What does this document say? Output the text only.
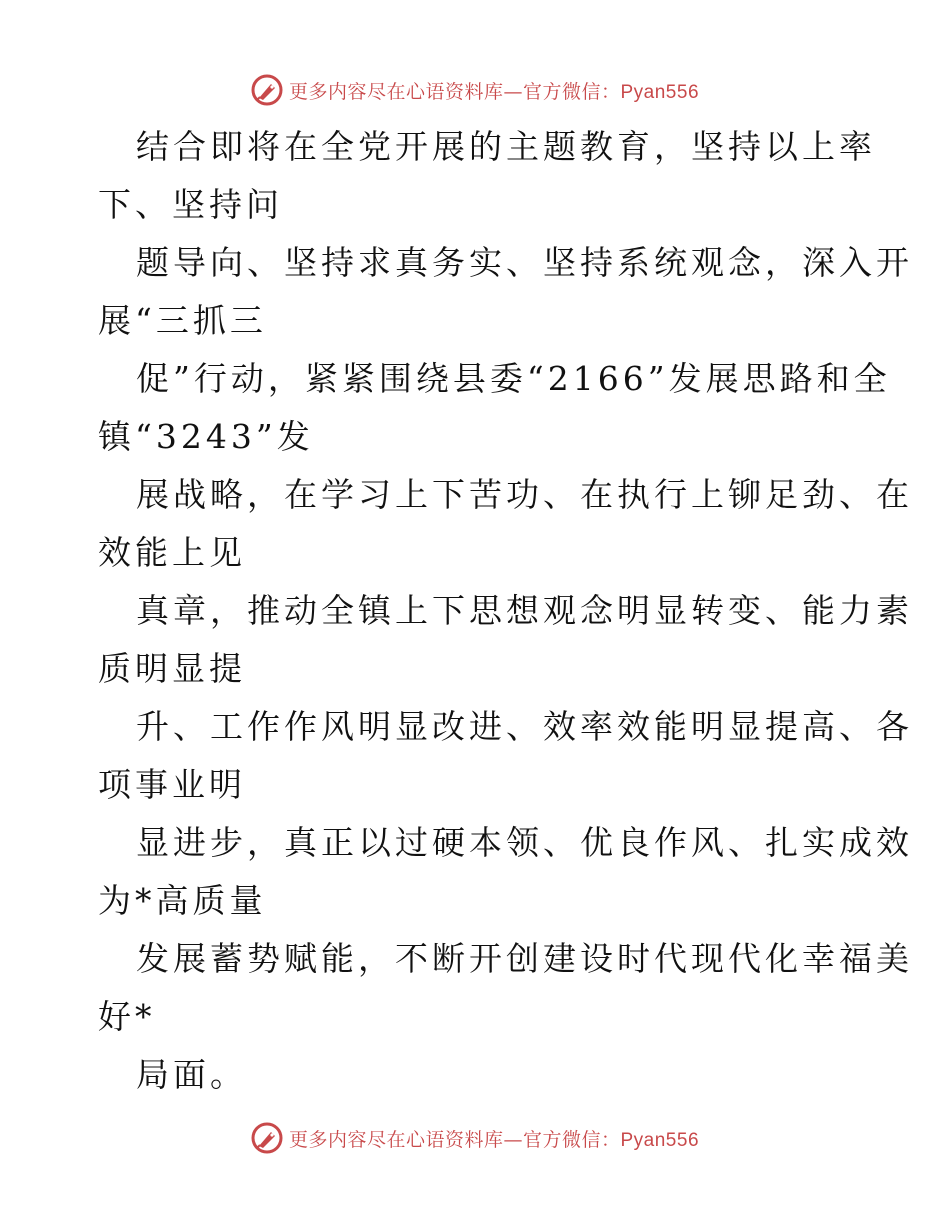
更多内容尽在心语资料库—官方微信：Pyan556
结合即将在全党开展的主题教育，坚持以上率
下、坚持问
题导向、坚持求真务实、坚持系统观念，深入开
展“三抓三
促”行动，紧紧围绕县委“2166”发展思路和全
镇“3243”发
展战略，在学习上下苦功、在执行上铆足劲、在
效能上见
真章，推动全镇上下思想观念明显转变、能力素
质明显提
升、工作作风明显改进、效率效能明显提高、各
项事业明
显进步，真正以过硬本领、优良作风、扎实成效
为*高质量
发展蓄势赋能，不断开创建设时代现代化幸福美
好*
局面。
更多内容尽在心语资料库—官方微信：Pyan556
